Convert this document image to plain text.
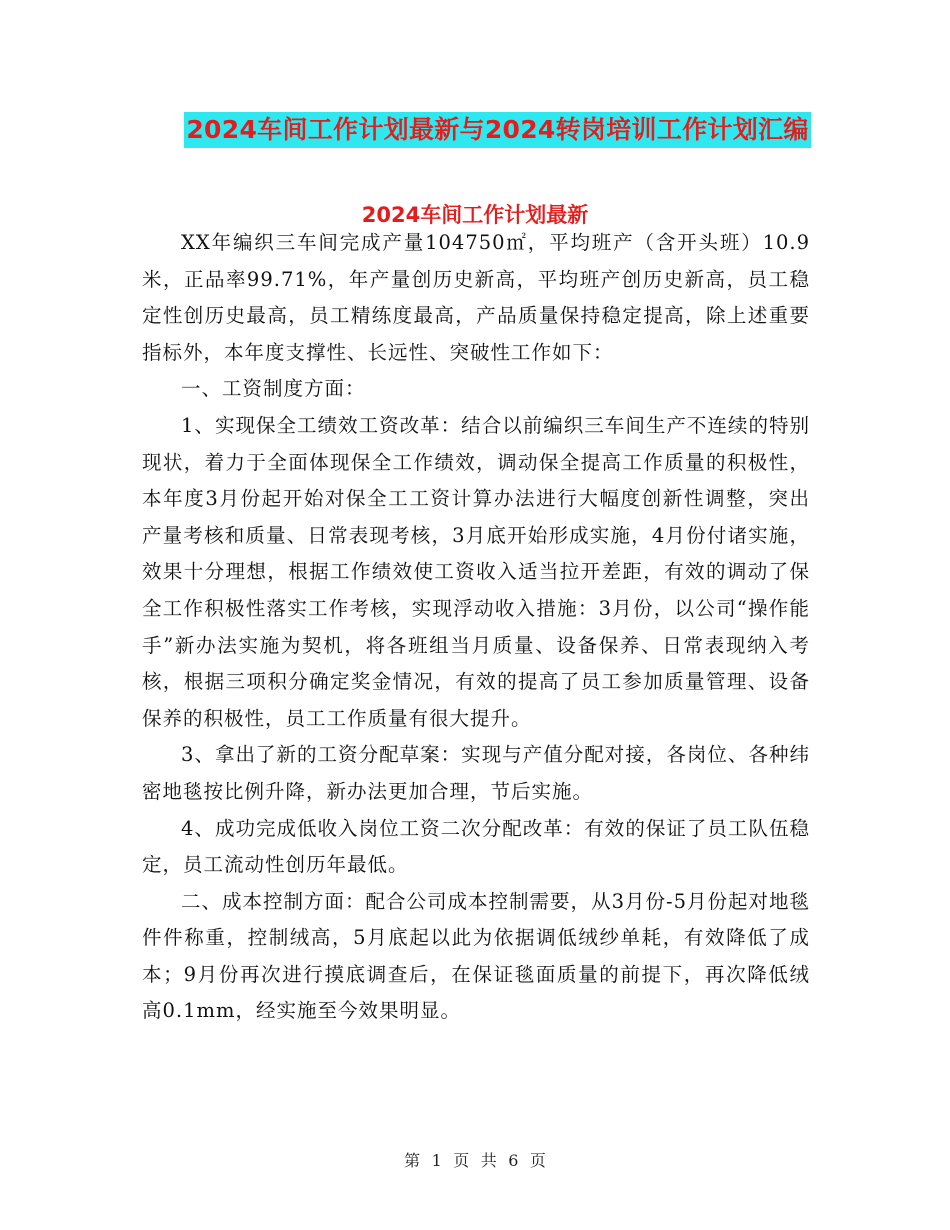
2024车间工作计划最新与2024转岗培训工作计划汇编
2024车间工作计划最新

XX年编织三车间完成产量104750㎡，平均班产（含开头班）10.9米，正品率99.71%，年产量创历史新高，平均班产创历史新高，员工稳定性创历史最高，员工精练度最高，产品质量保持稳定提高，除上述重要指标外，本年度支撑性、长远性、突破性工作如下：

一、工资制度方面：

1、实现保全工绩效工资改革：结合以前编织三车间生产不连续的特别现状，着力于全面体现保全工作绩效，调动保全提高工作质量的积极性，本年度3月份起开始对保全工工资计算办法进行大幅度创新性调整，突出产量考核和质量、日常表现考核，3月底开始形成实施，4月份付诸实施，效果十分理想，根据工作绩效使工资收入适当拉开差距，有效的调动了保全工作积极性落实工作考核，实现浮动收入措施：3月份，以公司“操作能手”新办法实施为契机，将各班组当月质量、设备保养、日常表现纳入考核，根据三项积分确定奖金情况，有效的提高了员工参加质量管理、设备保养的积极性，员工工作质量有很大提升。

3、拿出了新的工资分配草案：实现与产值分配对接，各岗位、各种纬密地毯按比例升降，新办法更加合理，节后实施。

4、成功完成低收入岗位工资二次分配改革：有效的保证了员工队伍稳定，员工流动性创历年最低。

二、成本控制方面：配合公司成本控制需要，从3月份-5月份起对地毯件件称重，控制绒高，5月底起以此为依据调低绒纱单耗，有效降低了成本；9月份再次进行摸底调查后，在保证毯面质量的前提下，再次降低绒高0.1mm，经实施至今效果明显。

第 1 页 共 6 页
